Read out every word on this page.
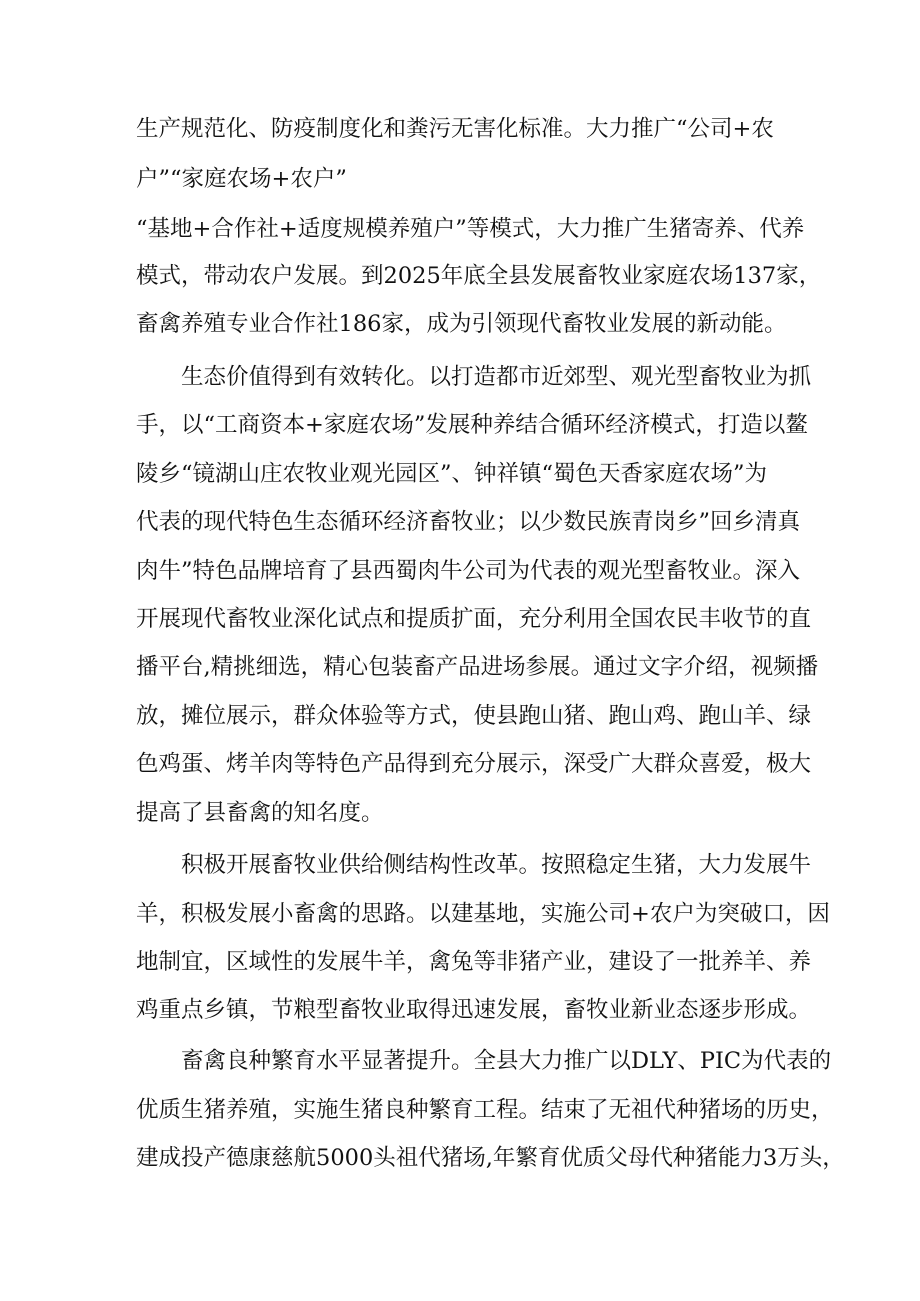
生产规范化、防疫制度化和粪污无害化标准。大力推广“公司+农
户”“家庭农场+农户”
“基地+合作社+适度规模养殖户”等模式，大力推广生猪寄养、代养
模式，带动农户发展。到2025年底全县发展畜牧业家庭农场137家，
畜禽养殖专业合作社186家，成为引领现代畜牧业发展的新动能。
生态价值得到有效转化。以打造都市近郊型、观光型畜牧业为抓
手，以“工商资本+家庭农场”发展种养结合循环经济模式，打造以鳌
陵乡“镜湖山庄农牧业观光园区”、钟祥镇“蜀色天香家庭农场”为
代表的现代特色生态循环经济畜牧业；以少数民族青岗乡”回乡清真
肉牛”特色品牌培育了县西蜀肉牛公司为代表的观光型畜牧业。深入
开展现代畜牧业深化试点和提质扩面，充分利用全国农民丰收节的直
播平台,精挑细选，精心包装畜产品进场参展。通过文字介绍，视频播
放，摊位展示，群众体验等方式，使县跑山猪、跑山鸡、跑山羊、绿
色鸡蛋、烤羊肉等特色产品得到充分展示，深受广大群众喜爱，极大
提高了县畜禽的知名度。
积极开展畜牧业供给侧结构性改革。按照稳定生猪，大力发展牛
羊，积极发展小畜禽的思路。以建基地，实施公司+农户为突破口，因
地制宜，区域性的发展牛羊，禽兔等非猪产业，建设了一批养羊、养
鸡重点乡镇，节粮型畜牧业取得迅速发展，畜牧业新业态逐步形成。
畜禽良种繁育水平显著提升。全县大力推广以DLY、PIC为代表的
优质生猪养殖，实施生猪良种繁育工程。结束了无祖代种猪场的历史，
建成投产德康慈航5000头祖代猪场,年繁育优质父母代种猪能力3万头，
